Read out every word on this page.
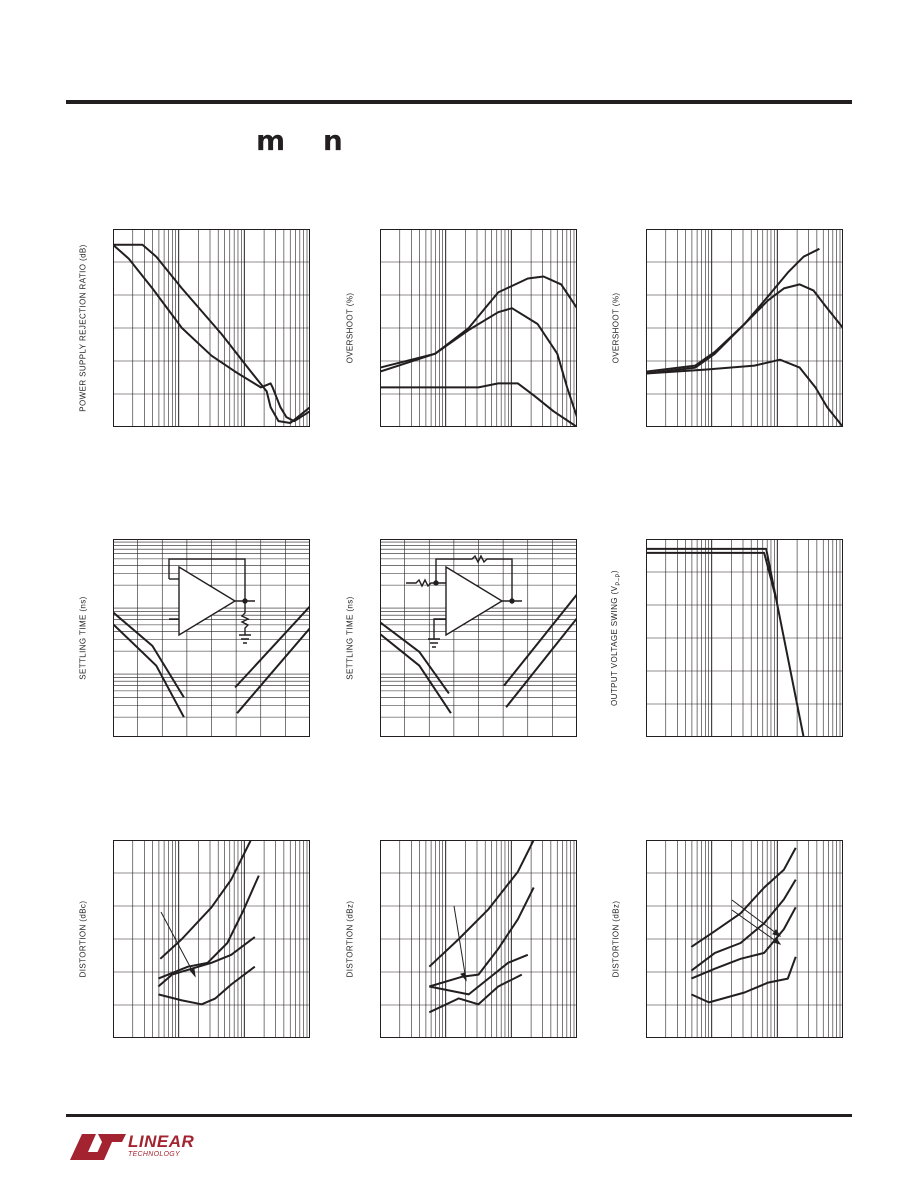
m n
POWER SUPPLY REJECTION RATIO (dB)	OVERSHOOT (%)	OVERSHOOT (%)
SETTLING TIME (ns)	SETTLING TIME (ns)	OUTPUT VOLTAGE SWING $(V_{P-P})$
DISTORTION (dBc)	DISTORTION (dBz)	DISTORTION (dBz)
LINEAR
TECHNOLOGY
